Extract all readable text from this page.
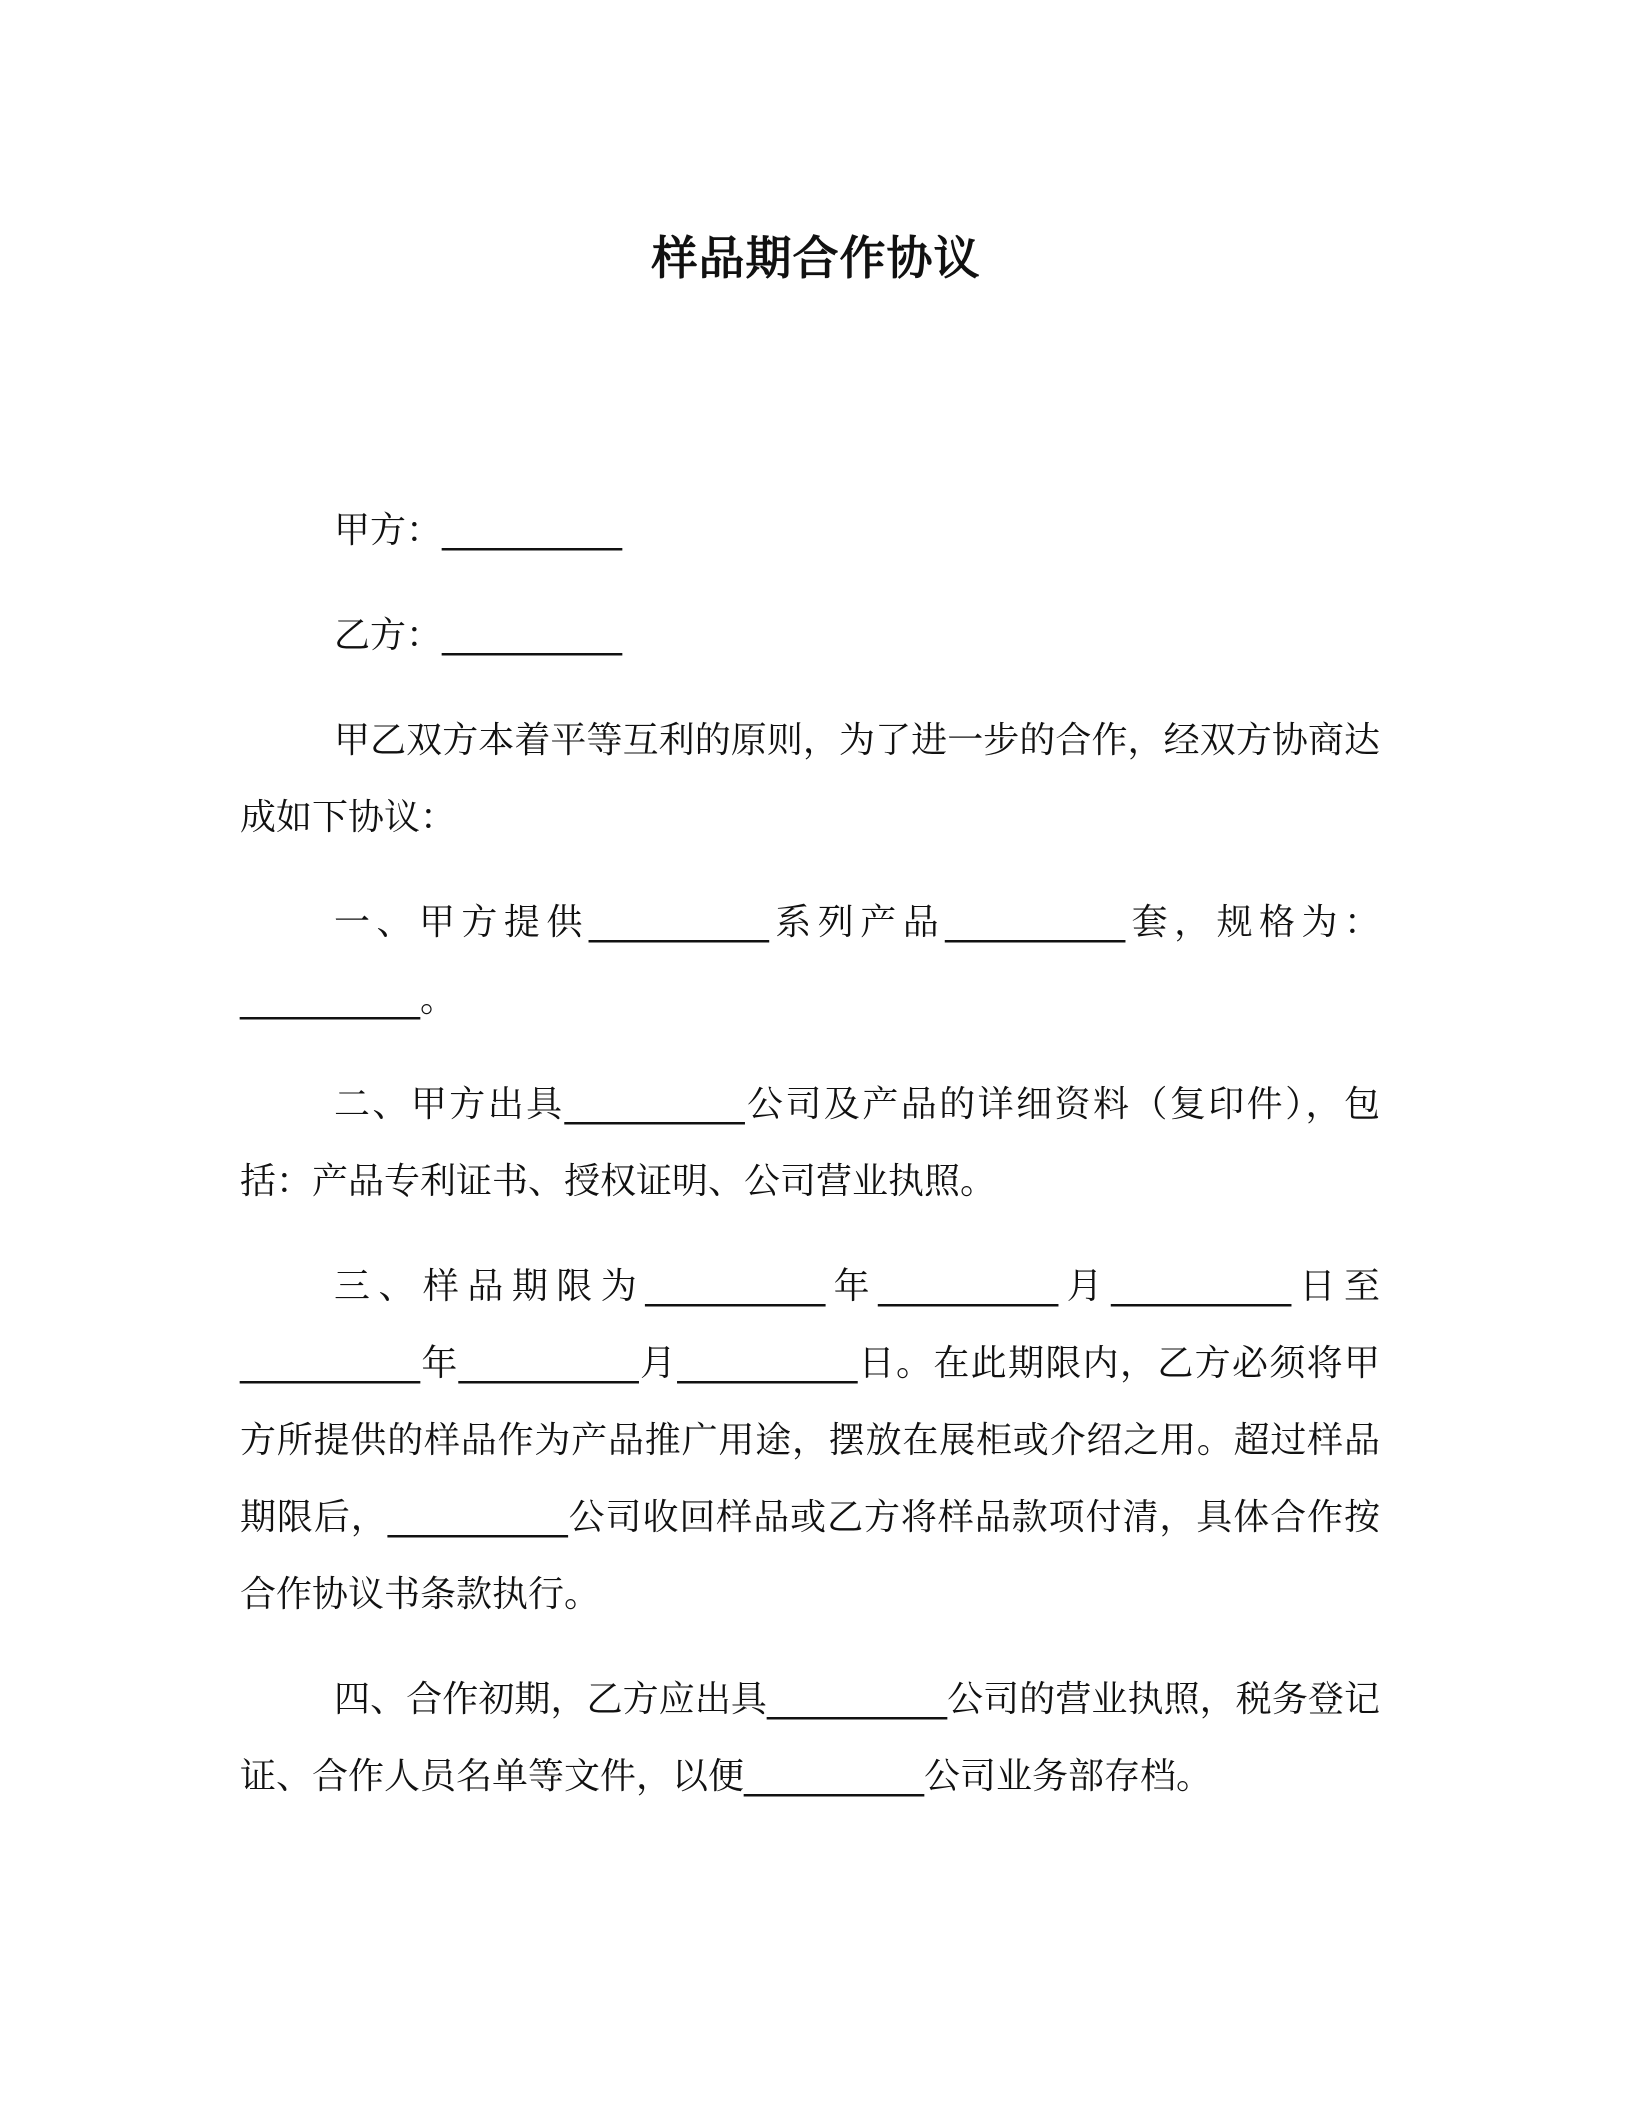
样品期合作协议

甲方：__________

乙方：__________

甲乙双方本着平等互利的原则，为了进一步的合作，经双方协商达成如下协议：

一、甲方提供__________系列产品__________套，规格为：__________。

二、甲方出具__________公司及产品的详细资料（复印件），包括：产品专利证书、授权证明、公司营业执照。

三、样品期限为__________年__________月__________日至__________年__________月__________日。在此期限内，乙方必须将甲方所提供的样品作为产品推广用途，摆放在展柜或介绍之用。超过样品期限后，__________公司收回样品或乙方将样品款项付清，具体合作按合作协议书条款执行。

四、合作初期，乙方应出具__________公司的营业执照，税务登记证、合作人员名单等文件，以便__________公司业务部存档。
